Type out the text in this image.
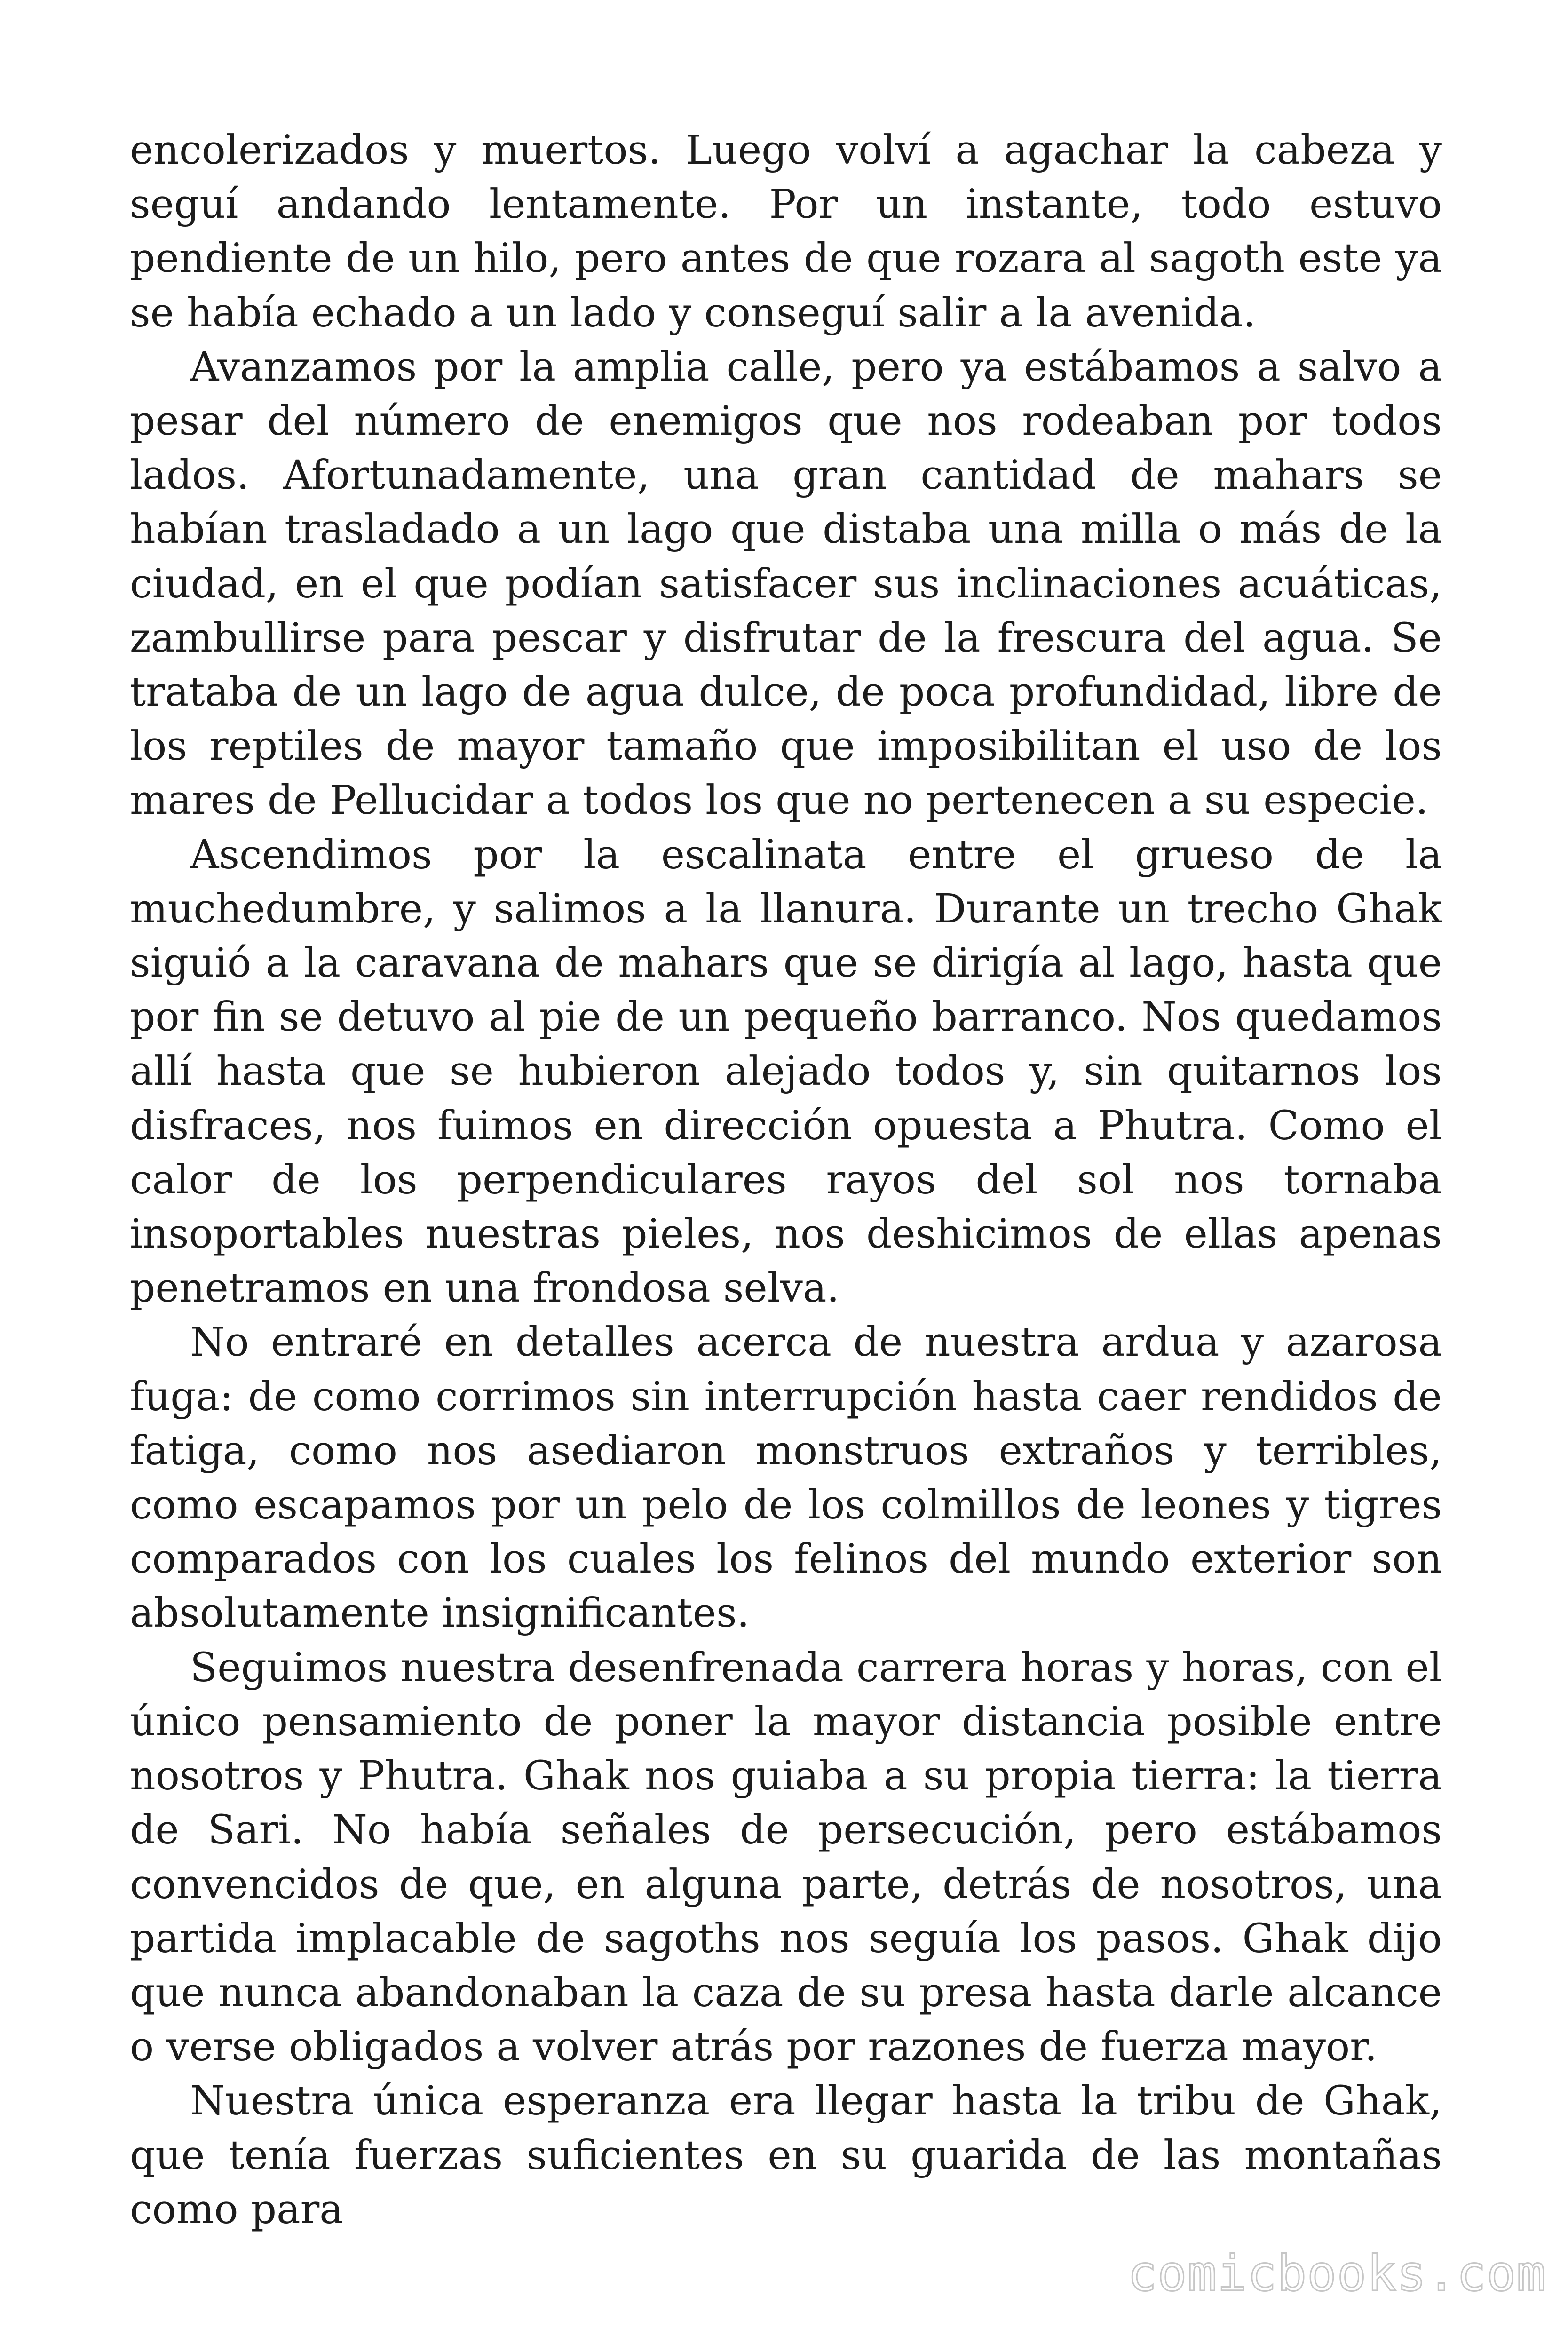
encolerizados y muertos. Luego volví a agachar la cabeza y seguí andando lentamente. Por un instante, todo estuvo pendiente de un hilo, pero antes de que rozara al sagoth este ya se había echado a un lado y conseguí salir a la avenida.

Avanzamos por la amplia calle, pero ya estábamos a salvo a pesar del número de enemigos que nos rodeaban por todos lados. Afortunadamente, una gran cantidad de mahars se habían trasladado a un lago que distaba una milla o más de la ciudad, en el que podían satisfacer sus inclinaciones acuáticas, zambullirse para pescar y disfrutar de la frescura del agua. Se trataba de un lago de agua dulce, de poca profundidad, libre de los reptiles de mayor tamaño que imposibilitan el uso de los mares de Pellucidar a todos los que no pertenecen a su especie.

Ascendimos por la escalinata entre el grueso de la muchedumbre, y salimos a la llanura. Durante un trecho Ghak siguió a la caravana de mahars que se dirigía al lago, hasta que por fin se detuvo al pie de un pequeño barranco. Nos quedamos allí hasta que se hubieron alejado todos y, sin quitarnos los disfraces, nos fuimos en dirección opuesta a Phutra. Como el calor de los perpendiculares rayos del sol nos tornaba insoportables nuestras pieles, nos deshicimos de ellas apenas penetramos en una frondosa selva.

No entraré en detalles acerca de nuestra ardua y azarosa fuga: de como corrimos sin interrupción hasta caer rendidos de fatiga, como nos asediaron monstruos extraños y terribles, como escapamos por un pelo de los colmillos de leones y tigres comparados con los cuales los felinos del mundo exterior son absolutamente insignificantes.

Seguimos nuestra desenfrenada carrera horas y horas, con el único pensamiento de poner la mayor distancia posible entre nosotros y Phutra. Ghak nos guiaba a su propia tierra: la tierra de Sari. No había señales de persecución, pero estábamos convencidos de que, en alguna parte, detrás de nosotros, una partida implacable de sagoths nos seguía los pasos. Ghak dijo que nunca abandonaban la caza de su presa hasta darle alcance o verse obligados a volver atrás por razones de fuerza mayor.

Nuestra única esperanza era llegar hasta la tribu de Ghak, que tenía fuerzas suficientes en su guarida de las montañas como para

comicbooks.com
